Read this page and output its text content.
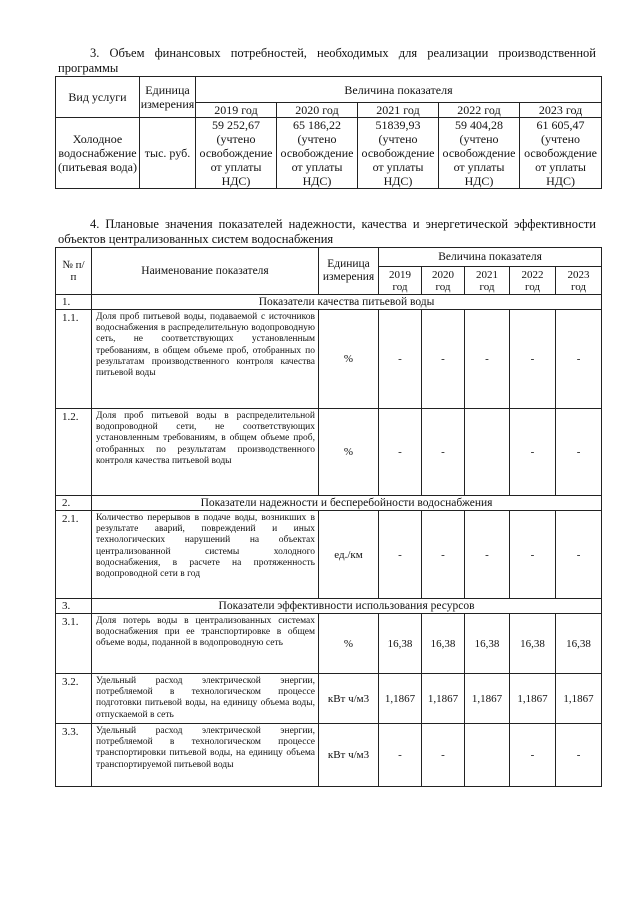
3. Объем финансовых потребностей, необходимых для реализации производственной программы
Вид услуги	Единица измерения	Величина показателя				
		2019 год	2020 год	2021 год	2022 год	2023 год
Холодное водоснабжение (питьевая вода)	тыс. руб.	59 252,67 (учтено освобождение от уплаты НДС)	65 186,22 (учтено освобождение от уплаты НДС)	51839,93 (учтено освобождение от уплаты НДС)	59 404,28 (учтено освобождение от уплаты НДС)	61 605,47 (учтено освобождение от уплаты НДС)
4. Плановые значения показателей надежности, качества и энергетической эффективности объектов централизованных систем водоснабжения
№ п/п	Наименование показателя	Единица измерения	Величина показателя				
			2019 год	2020 год	2021 год	2022 год	2023 год
1.	Показатели качества питьевой воды						
1.1.	Доля проб питьевой воды, подаваемой с источников водоснабжения в распределительную водопроводную сеть, не соответствующих установленным требованиям, в общем объеме проб, отобранных по результатам производственного контроля качества питьевой воды	%	-	-	-	-	-
1.2.	Доля проб питьевой воды в распределительной водопроводной сети, не соответствующих установленным требованиям, в общем объеме проб, отобранных по результатам производственного контроля качества питьевой воды	%	-	-		-	-
2.	Показатели надежности и бесперебойности водоснабжения						
2.1.	Количество перерывов в подаче воды, возникших в результате аварий, повреждений и иных технологических нарушений на объектах централизованной системы холодного водоснабжения, в расчете на протяженность водопроводной сети в год	ед./км	-	-	-	-	-
3.	Показатели эффективности использования ресурсов						
3.1.	Доля потерь воды в централизованных системах водоснабжения при ее транспортировке в общем объеме воды, поданной в водопроводную сеть	%	16,38	16,38	16,38	16,38	16,38
3.2.	Удельный расход электрической энергии, потребляемой в технологическом процессе подготовки питьевой воды, на единицу объема воды, отпускаемой в сеть	кВт ч/м3	1,1867	1,1867	1,1867	1,1867	1,1867
3.3.	Удельный расход электрической энергии, потребляемой в технологическом процессе транспортировки питьевой воды, на единицу объема транспортируемой питьевой воды	кВт ч/м3	-	-		-	-
